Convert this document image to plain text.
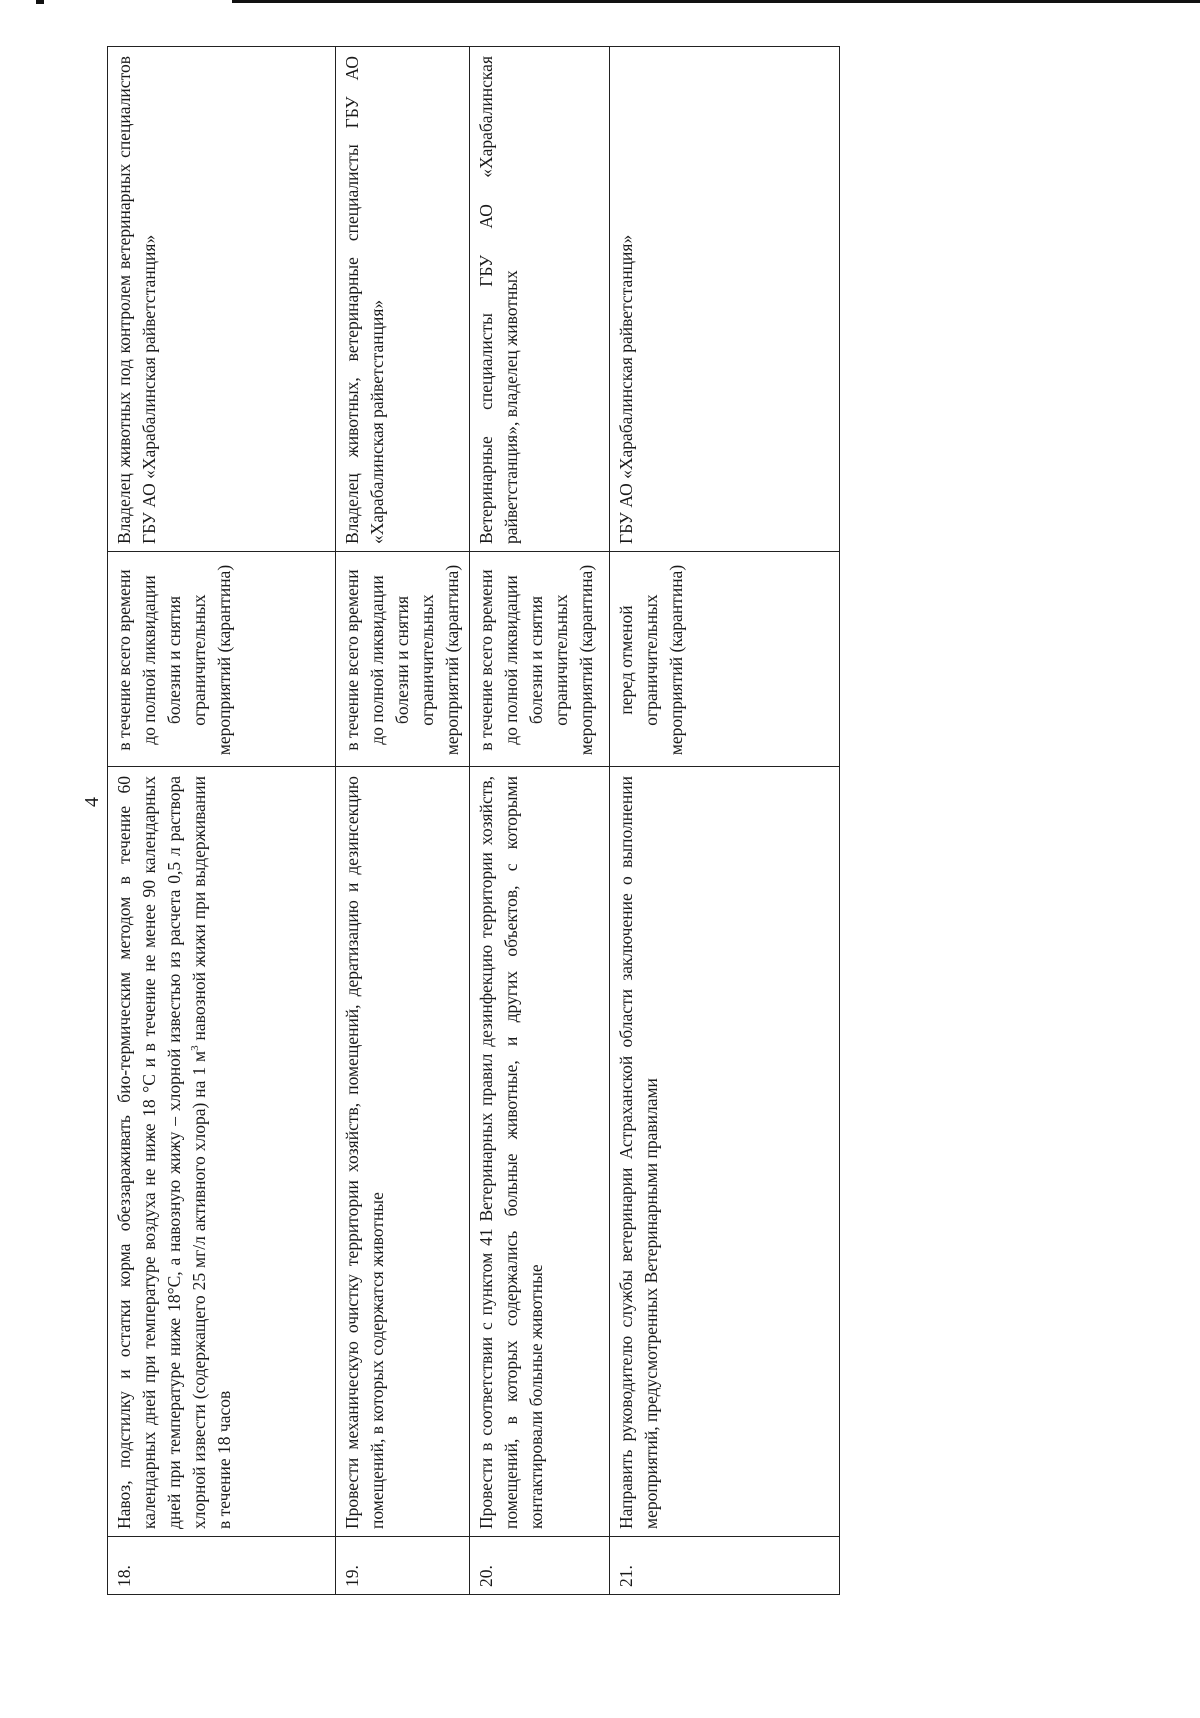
4
18.	Навоз, подстилку и остатки корма обеззараживать био-термическим методом в течение 60 календарных дней при температуре воздуха не ниже 18 °С и в течение не менее 90 календарных дней при температуре ниже 18°С, а навозную жижу – хлорной известью из расчета 0,5 л раствора хлорной извести (содержащего 25 мг/л активного хлора) на 1 $м^3$ навозной жижи при выдерживании в течение 18 часов	в течение всего времени до полной ликвидации болезни и снятия ограничительных мероприятий (карантина)	Владелец животных под контролем ветеринарных специалистов ГБУ АО «Харабалинская райветстанция»
19.	Провести механическую очистку территории хозяйств, помещений, дератизацию и дезинсекцию помещений, в которых содержатся животные	в течение всего времени до полной ликвидации болезни и снятия ограничительных мероприятий (карантина)	Владелец животных, ветеринарные специалисты ГБУ АО «Харабалинская райветстанция»
20.	Провести в соответствии с пунктом 41 Ветеринарных правил дезинфекцию территории хозяйств, помещений, в которых содержались больные животные, и других объектов, с которыми контактировали больные животные	в течение всего времени до полной ликвидации болезни и снятия ограничительных мероприятий (карантина)	Ветеринарные специалисты ГБУ АО «Харабалинская райветстанция», владелец животных
21.	Направить руководителю службы ветеринарии Астраханской области заключение о выполнении мероприятий, предусмотренных Ветеринарными правилами	перед отменой ограничительных мероприятий (карантина)	ГБУ АО «Харабалинская райветстанция»
